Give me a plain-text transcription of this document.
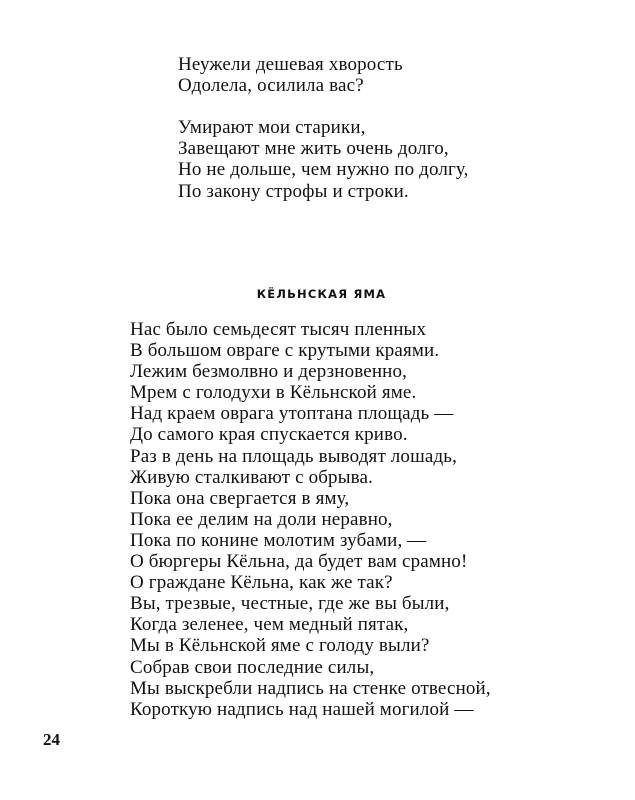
Неужели дешевая хворость
Одолела, осилила вас?
Умирают мои старики,
Завещают мне жить очень долго,
Но не дольше, чем нужно по долгу,
По закону строфы и строки.
КЁЛЬНСКАЯ ЯМА
Нас было семьдесят тысяч пленных
В большом овраге с крутыми краями.
Лежим безмолвно и дерзновенно,
Мрем с голодухи в Кёльнской яме.
Над краем оврага утоптана площадь —
До самого края спускается криво.
Раз в день на площадь выводят лошадь,
Живую сталкивают с обрыва.
Пока она свергается в яму,
Пока ее делим на доли неравно,
Пока по конине молотим зубами, —
О бюргеры Кёльна, да будет вам срамно!
О граждане Кёльна, как же так?
Вы, трезвые, честные, где же вы были,
Когда зеленее, чем медный пятак,
Мы в Кёльнской яме с голоду выли?
Собрав свои последние силы,
Мы выскребли надпись на стенке отвесной,
Короткую надпись над нашей могилой —
24
